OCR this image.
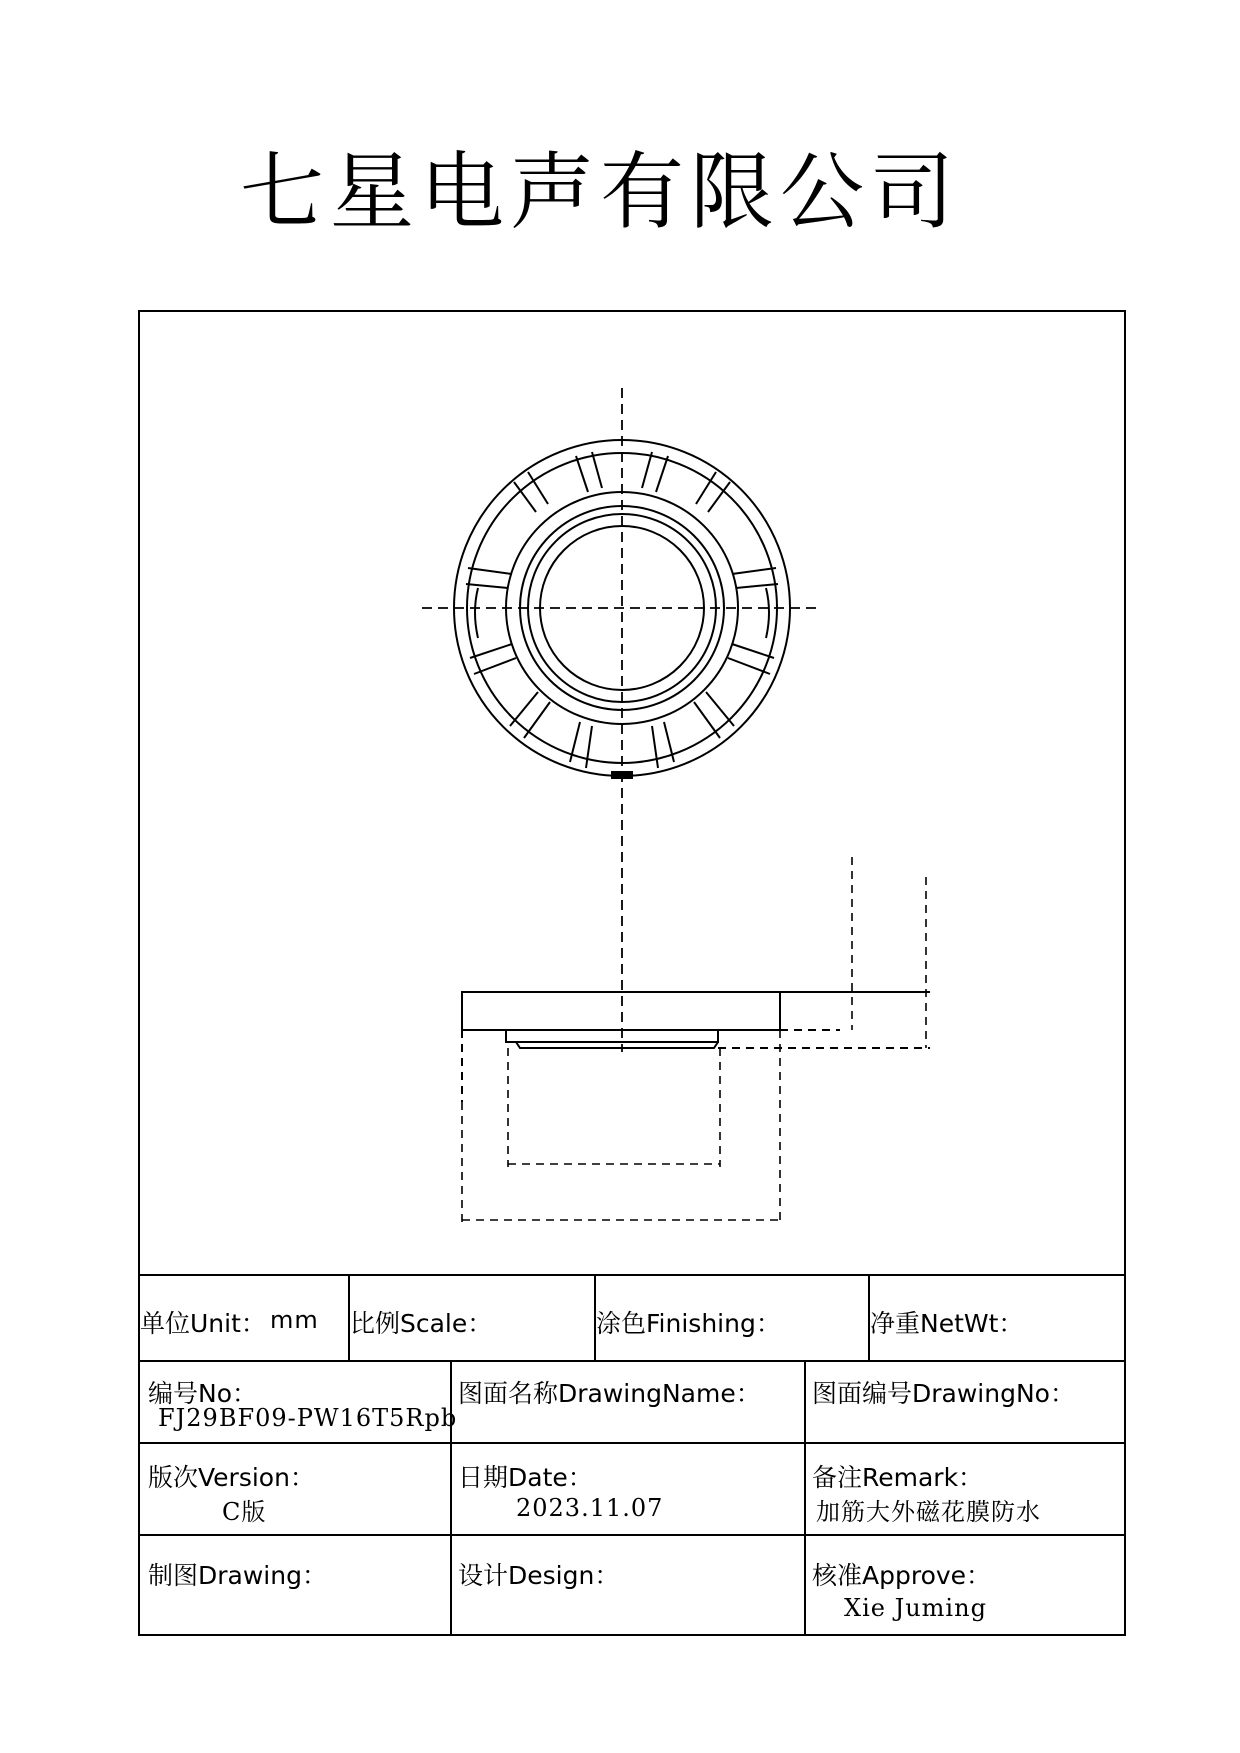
七星电声有限公司
单位Unit： mm 比例Scale：	涂色Finishing：	净重NetWt：
编号No：
FJ29BF09-PW16T5Rpb
图面名称DrawingName： 图面编号DrawingNo：
版次Version：
C版
日期Date：
2023.11.07
备注Remark：
加筋大外磁花膜防水
制图Drawing：	设计Design：	核准Approve：
Xie Juming
